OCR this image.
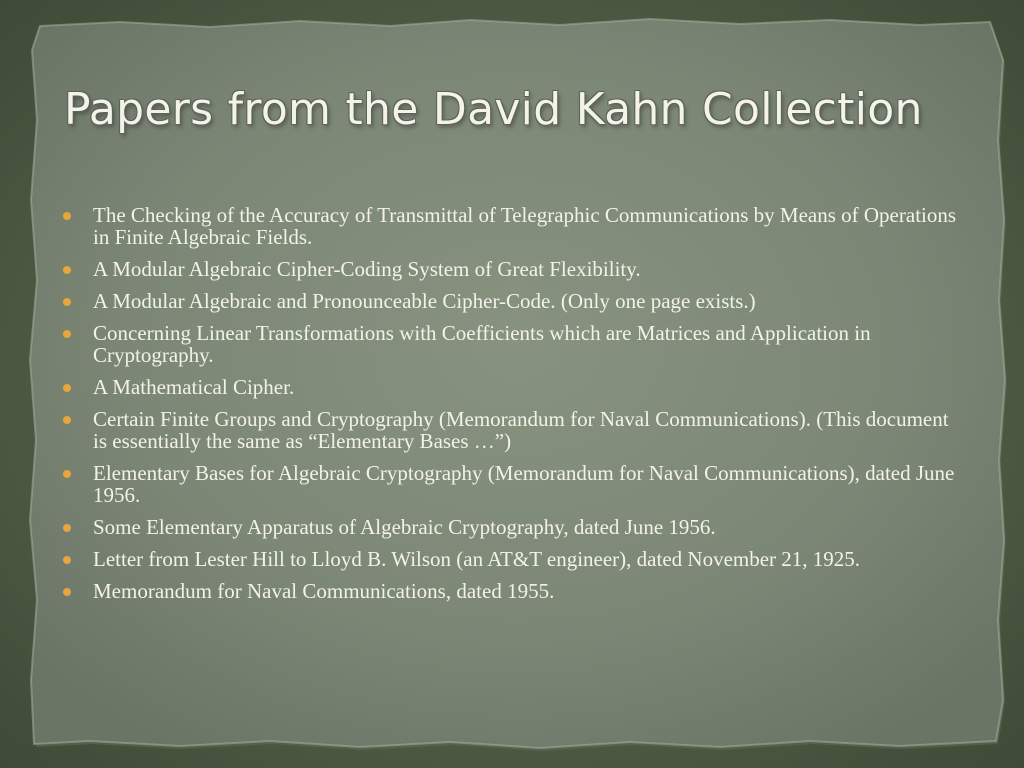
Papers from the David Kahn Collection
The Checking of the Accuracy of Transmittal of Telegraphic Communications by Means of Operations in Finite Algebraic Fields.
A Modular Algebraic Cipher-Coding System of Great Flexibility.
A Modular Algebraic and Pronounceable Cipher-Code. (Only one page exists.)
Concerning Linear Transformations with Coefficients which are Matrices and Application in Cryptography.
A Mathematical Cipher.
Certain Finite Groups and Cryptography (Memorandum for Naval Communications). (This document is essentially the same as “Elementary Bases …”)
Elementary Bases for Algebraic Cryptography (Memorandum for Naval Communications), dated June 1956.
Some Elementary Apparatus of Algebraic Cryptography, dated June 1956.
Letter from Lester Hill to Lloyd B. Wilson (an AT&T engineer), dated November 21, 1925.
Memorandum for Naval Communications, dated 1955.
